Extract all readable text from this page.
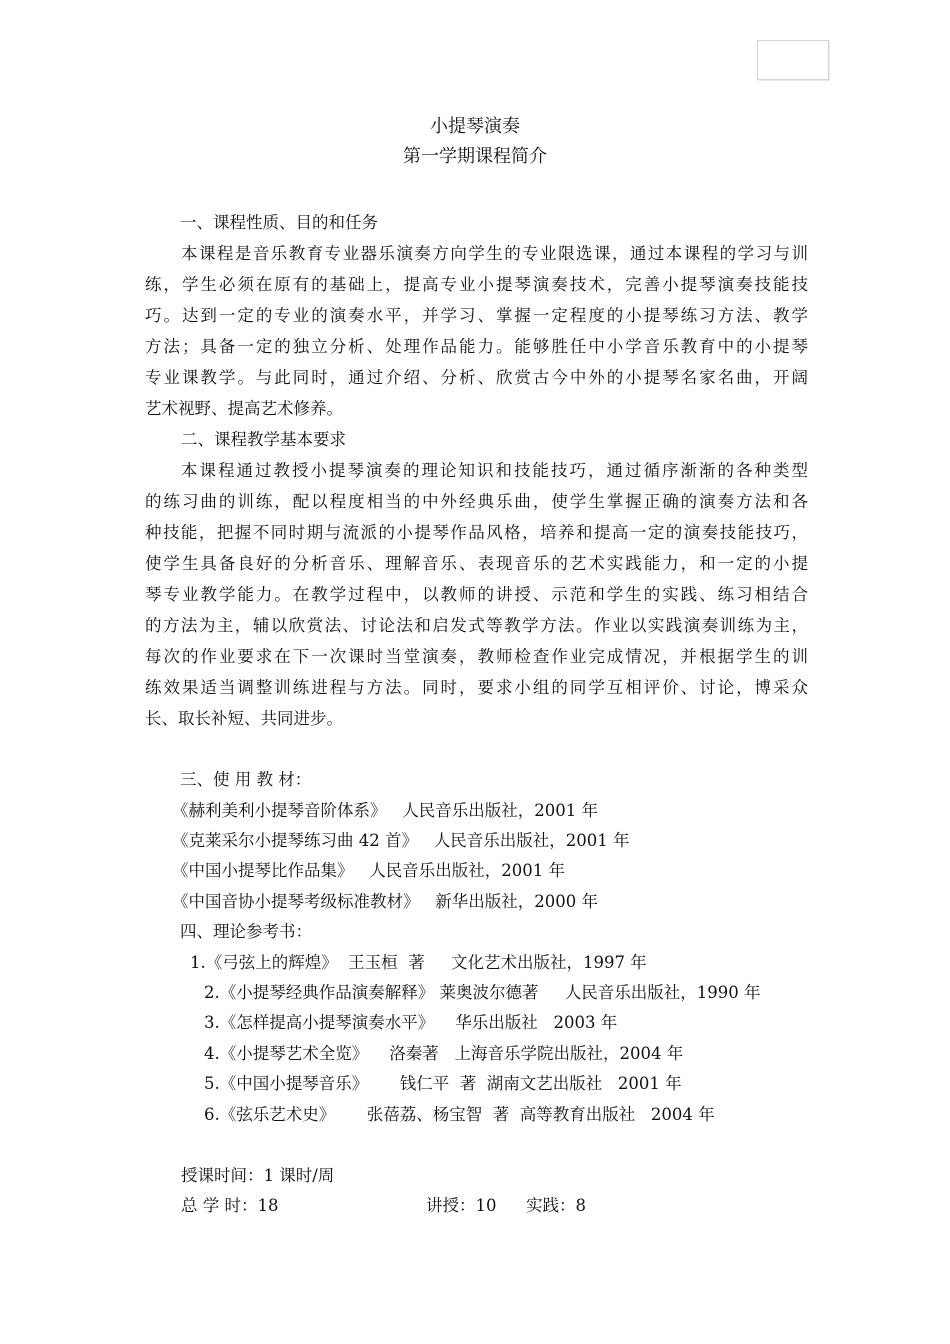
小提琴演奏
第一学期课程简介
一、课程性质、目的和任务
本课程是音乐教育专业器乐演奏方向学生的专业限选课，通过本课程的学习与训
练，学生必须在原有的基础上，提高专业小提琴演奏技术，完善小提琴演奏技能技
巧。达到一定的专业的演奏水平，并学习、掌握一定程度的小提琴练习方法、教学
方法；具备一定的独立分析、处理作品能力。能够胜任中小学音乐教育中的小提琴
专业课教学。与此同时，通过介绍、分析、欣赏古今中外的小提琴名家名曲，开阔
艺术视野、提高艺术修养。
二、课程教学基本要求
本课程通过教授小提琴演奏的理论知识和技能技巧，通过循序渐渐的各种类型
的练习曲的训练，配以程度相当的中外经典乐曲，使学生掌握正确的演奏方法和各
种技能，把握不同时期与流派的小提琴作品风格，培养和提高一定的演奏技能技巧，
使学生具备良好的分析音乐、理解音乐、表现音乐的艺术实践能力，和一定的小提
琴专业教学能力。在教学过程中，以教师的讲授、示范和学生的实践、练习相结合
的方法为主，辅以欣赏法、讨论法和启发式等教学方法。作业以实践演奏训练为主，
每次的作业要求在下一次课时当堂演奏，教师检查作业完成情况，并根据学生的训
练效果适当调整训练进程与方法。同时，要求小组的同学互相评价、讨论，博采众
长、取长补短、共同进步。
三、使 用 教 材：
《赫利美利小提琴音阶体系》   人民音乐出版社，2001 年
《克莱采尔小提琴练习曲 42 首》   人民音乐出版社，2001 年
《中国小提琴比作品集》   人民音乐出版社，2001 年
《中国音协小提琴考级标准教材》   新华出版社，2000 年
四、理论参考书：
1.《弓弦上的辉煌》  王玉桓  著     文化艺术出版社，1997 年
2.《小提琴经典作品演奏解释》 莱奥波尔德著     人民音乐出版社，1990 年
3.《怎样提高小提琴演奏水平》    华乐出版社   2003 年
4.《小提琴艺术全览》    洛秦著   上海音乐学院出版社，2004 年
5.《中国小提琴音乐》      钱仁平  著  湖南文艺出版社   2001 年
6.《弦乐艺术史》      张蓓荔、杨宝智  著  高等教育出版社   2004 年
授课时间：1 课时/周
总 学 时：18	讲授：10 实践：8
